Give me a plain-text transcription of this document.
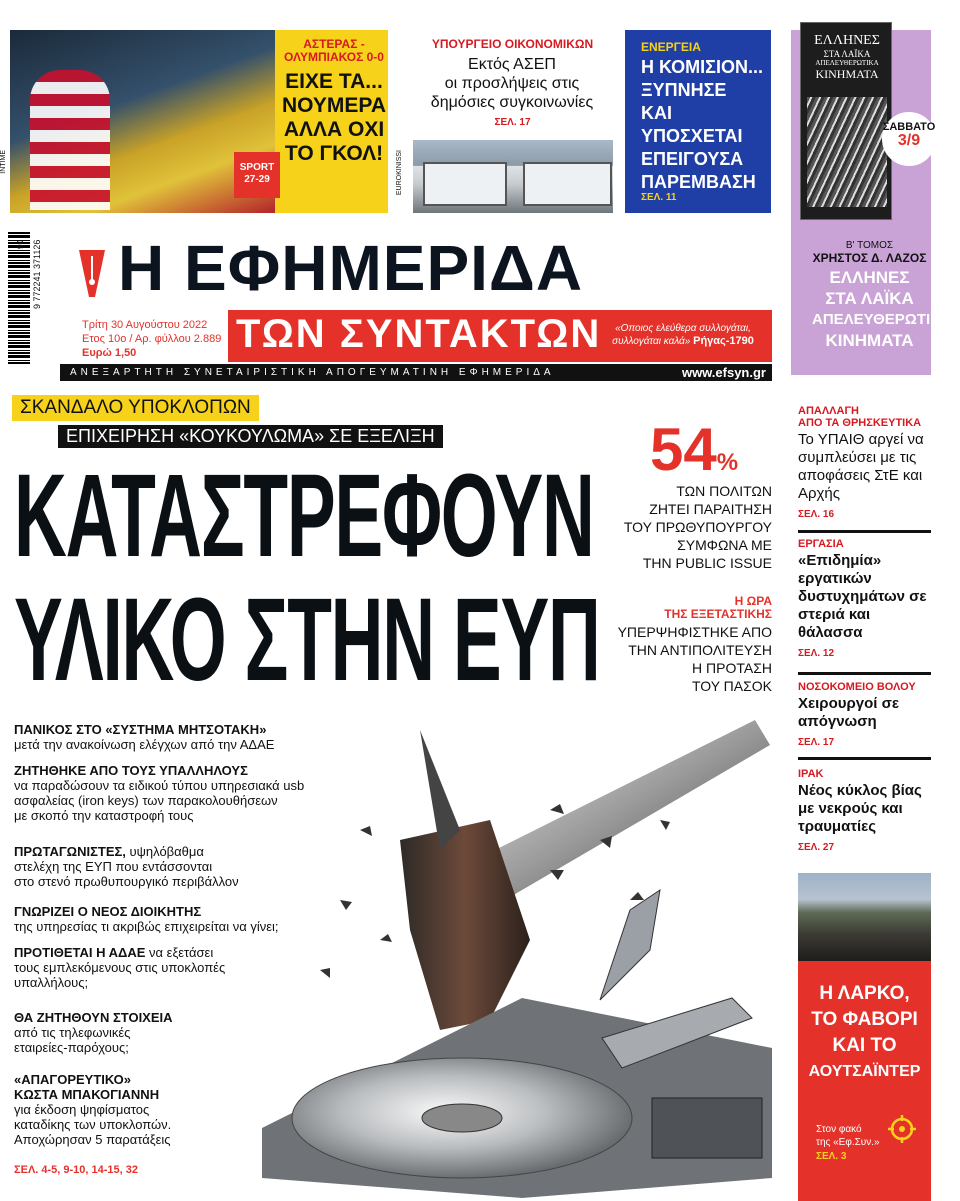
ΑΣΤΕΡΑΣ - ΟΛΥΜΠΙΑΚΟΣ 0-0
ΕΙΧΕ ΤΑ...
ΝΟΥΜΕΡΑ
ΑΛΛΑ ΟΧΙ
ΤΟ ΓΚΟΛ!
SPORT 27-29
INTIME
ΥΠΟΥΡΓΕΙΟ ΟΙΚΟΝΟΜΙΚΩΝ
Εκτός ΑΣΕΠ
οι προσλήψεις στις
δημόσιες συγκοινωνίες
ΣΕΛ. 17
EUROKINISSI
ΕΝΕΡΓΕΙΑ
Η ΚΟΜΙΣΙΟΝ...
ΞΥΠΝΗΣΕ
ΚΑΙ ΥΠΟΣΧΕΤΑΙ
ΕΠΕΙΓΟΥΣΑ
ΠΑΡΕΜΒΑΣΗ
ΣΕΛ. 11
36 9 772241 371126 Η ΕΦΗΜΕΡΙΔΑ
Τρίτη 30 Αυγούστου 2022
Ετος 10ο / Αρ. φύλλου 2.889
Ευρώ 1,50	ΤΩΝ ΣΥΝΤΑΚΤΩΝ	«Οποιος ελεύθερα συλλογάται,
συλλογάται καλά» Ρήγας-1790
ΑΝΕΞΑΡΤΗΤΗ ΣΥΝΕΤΑΙΡΙΣΤΙΚΗ ΑΠΟΓΕΥΜΑΤΙΝΗ ΕΦΗΜΕΡΙΔΑ	www.efsyn.gr
ΕΛΛΗΝΕΣ
ΣΤΑ ΛΑΪΚΑ
ΑΠΕΛΕΥΘΕΡΩΤΙΚΑ
ΚΙΝΗΜΑΤΑ
ΣΑΒΒΑΤΟ
3/9
Β' ΤΟΜΟΣ
ΧΡΗΣΤΟΣ Δ. ΛΑΖΟΣ
ΕΛΛΗΝΕΣ
ΣΤΑ ΛΑΪΚΑ
ΑΠΕΛΕΥΘΕΡΩΤΙΚΑ
ΚΙΝΗΜΑΤΑ
ΑΠΑΛΛΑΓΗ
ΑΠΟ ΤΑ ΘΡΗΣΚΕΥΤΙΚΑ
Το ΥΠΑΙΘ αργεί να συμπλεύσει με τις αποφάσεις ΣτΕ και Αρχής
ΣΕΛ. 16
ΕΡΓΑΣΙΑ
«Επιδημία» εργατικών δυστυχημάτων σε στεριά και θάλασσα
ΣΕΛ. 12
ΝΟΣΟΚΟΜΕΙΟ ΒΟΛΟΥ
Χειρουργοί σε απόγνωση
ΣΕΛ. 17
ΙΡΑΚ
Νέος κύκλος βίας με νεκρούς και τραυματίες
ΣΕΛ. 27
Η ΛΑΡΚΟ,
ΤΟ ΦΑΒΟΡΙ
ΚΑΙ ΤΟ
ΑΟΥΤΣΑΪΝΤΕΡ
Στον φακό
της «Εφ.Συν.»
ΣΕΛ. 3
ΣΚΑΝΔΑΛΟ ΥΠΟΚΛΟΠΩΝ
ΕΠΙΧΕΙΡΗΣΗ «ΚΟΥΚΟΥΛΩΜΑ» ΣΕ ΕΞΕΛΙΞΗ
ΚΑΤΑΣΤΡΕΦΟΥΝ
ΥΛΙΚΟ ΣΤΗΝ ΕΥΠ
54%
ΤΩΝ ΠΟΛΙΤΩΝ
ΖΗΤΕΙ ΠΑΡΑΙΤΗΣΗ
ΤΟΥ ΠΡΩΘΥΠΟΥΡΓΟΥ
ΣΥΜΦΩΝΑ ΜΕ
ΤΗΝ PUBLIC ISSUE
Η ΩΡΑ
ΤΗΣ ΕΞΕΤΑΣΤΙΚΗΣ
ΥΠΕΡΨΗΦΙΣΤΗΚΕ ΑΠΟ
ΤΗΝ ΑΝΤΙΠΟΛΙΤΕΥΣΗ
Η ΠΡΟΤΑΣΗ
ΤΟΥ ΠΑΣΟΚ
ΠΑΝΙΚΟΣ ΣΤΟ «ΣΥΣΤΗΜΑ ΜΗΤΣΟΤΑΚΗ»
μετά την ανακοίνωση ελέγχων από την ΑΔΑΕ
ΖΗΤΗΘΗΚΕ ΑΠΟ ΤΟΥΣ ΥΠΑΛΛΗΛΟΥΣ
να παραδώσουν τα ειδικού τύπου υπηρεσιακά usb
ασφαλείας (iron keys) των παρακολουθήσεων
με σκοπό την καταστροφή τους
ΠΡΩΤΑΓΩΝΙΣΤΕΣ, υψηλόβαθμα
στελέχη της ΕΥΠ που εντάσσονται
στο στενό πρωθυπουργικό περιβάλλον
ΓΝΩΡΙΖΕΙ Ο ΝΕΟΣ ΔΙΟΙΚΗΤΗΣ
της υπηρεσίας τι ακριβώς επιχειρείται να γίνει;
ΠΡΟΤΙΘΕΤΑΙ Η ΑΔΑΕ να εξετάσει
τους εμπλεκόμενους στις υποκλοπές
υπαλλήλους;
ΘΑ ΖΗΤΗΘΟΥΝ ΣΤΟΙΧΕΙΑ
από τις τηλεφωνικές
εταιρείες-παρόχους;
«ΑΠΑΓΟΡΕΥΤΙΚΟ»
ΚΩΣΤΑ ΜΠΑΚΟΓΙΑΝΝΗ
για έκδοση ψηφίσματος
καταδίκης των υποκλοπών.
Αποχώρησαν 5 παρατάξεις
ΣΕΛ. 4-5, 9-10, 14-15, 32
